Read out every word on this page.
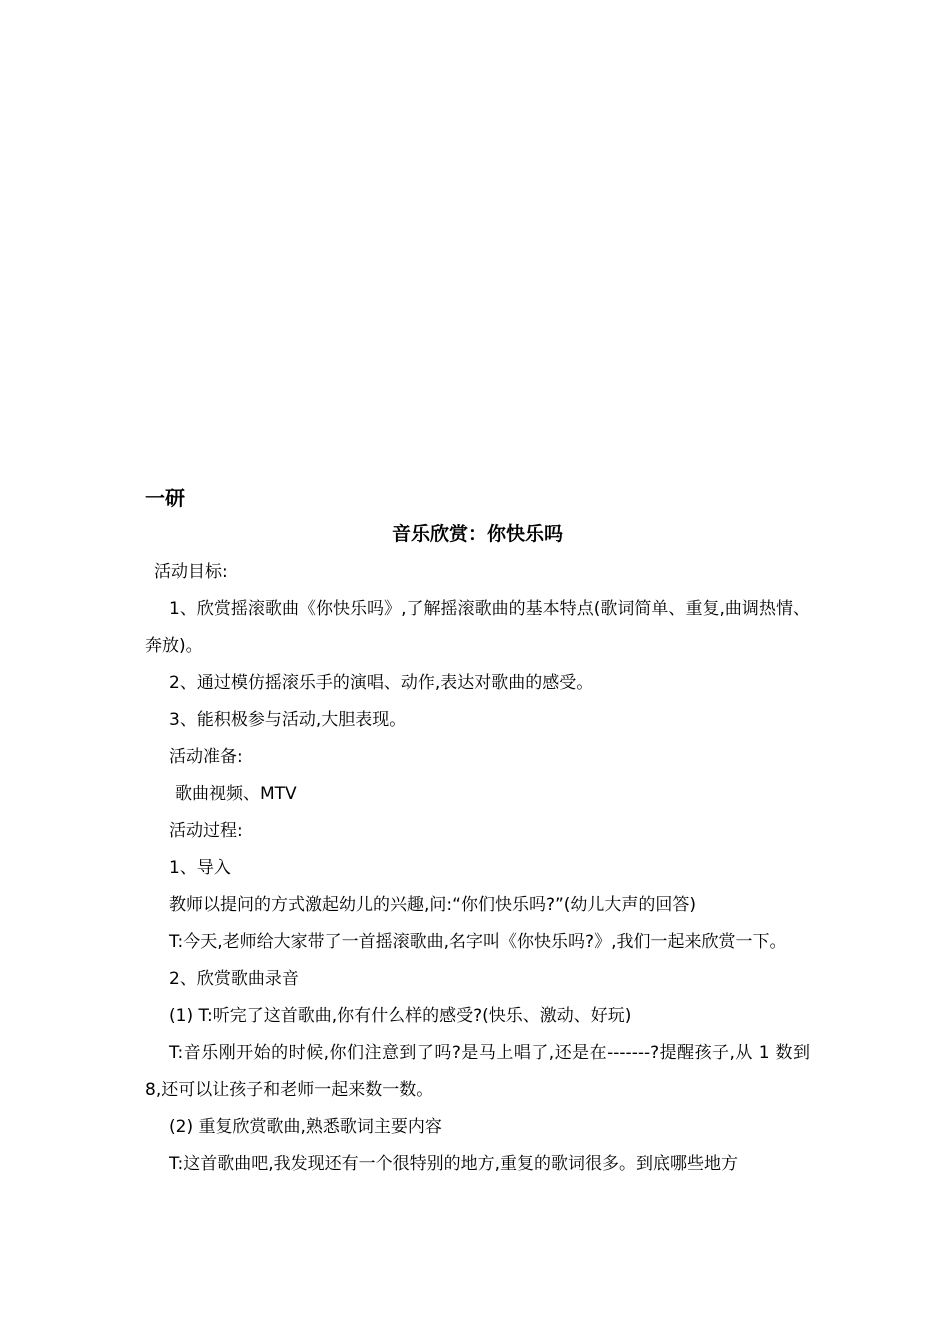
一研
音乐欣赏：你快乐吗

活动目标:

1、欣赏摇滚歌曲《你快乐吗》,了解摇滚歌曲的基本特点(歌词简单、重复,曲调热情、奔放)。

2、通过模仿摇滚乐手的演唱、动作,表达对歌曲的感受。

3、能积极参与活动,大胆表现。

活动准备:

歌曲视频、MTV

活动过程:

1、导入

教师以提问的方式激起幼儿的兴趣,问:“你们快乐吗?”(幼儿大声的回答)

T:今天,老师给大家带了一首摇滚歌曲,名字叫《你快乐吗?》,我们一起来欣赏一下。

2、欣赏歌曲录音

(1) T:听完了这首歌曲,你有什么样的感受?(快乐、激动、好玩)

T:音乐刚开始的时候,你们注意到了吗?是马上唱了,还是在-------?提醒孩子,从 1 数到 8,还可以让孩子和老师一起来数一数。

(2) 重复欣赏歌曲,熟悉歌词主要内容

T:这首歌曲吧,我发现还有一个很特别的地方,重复的歌词很多。到底哪些地方
